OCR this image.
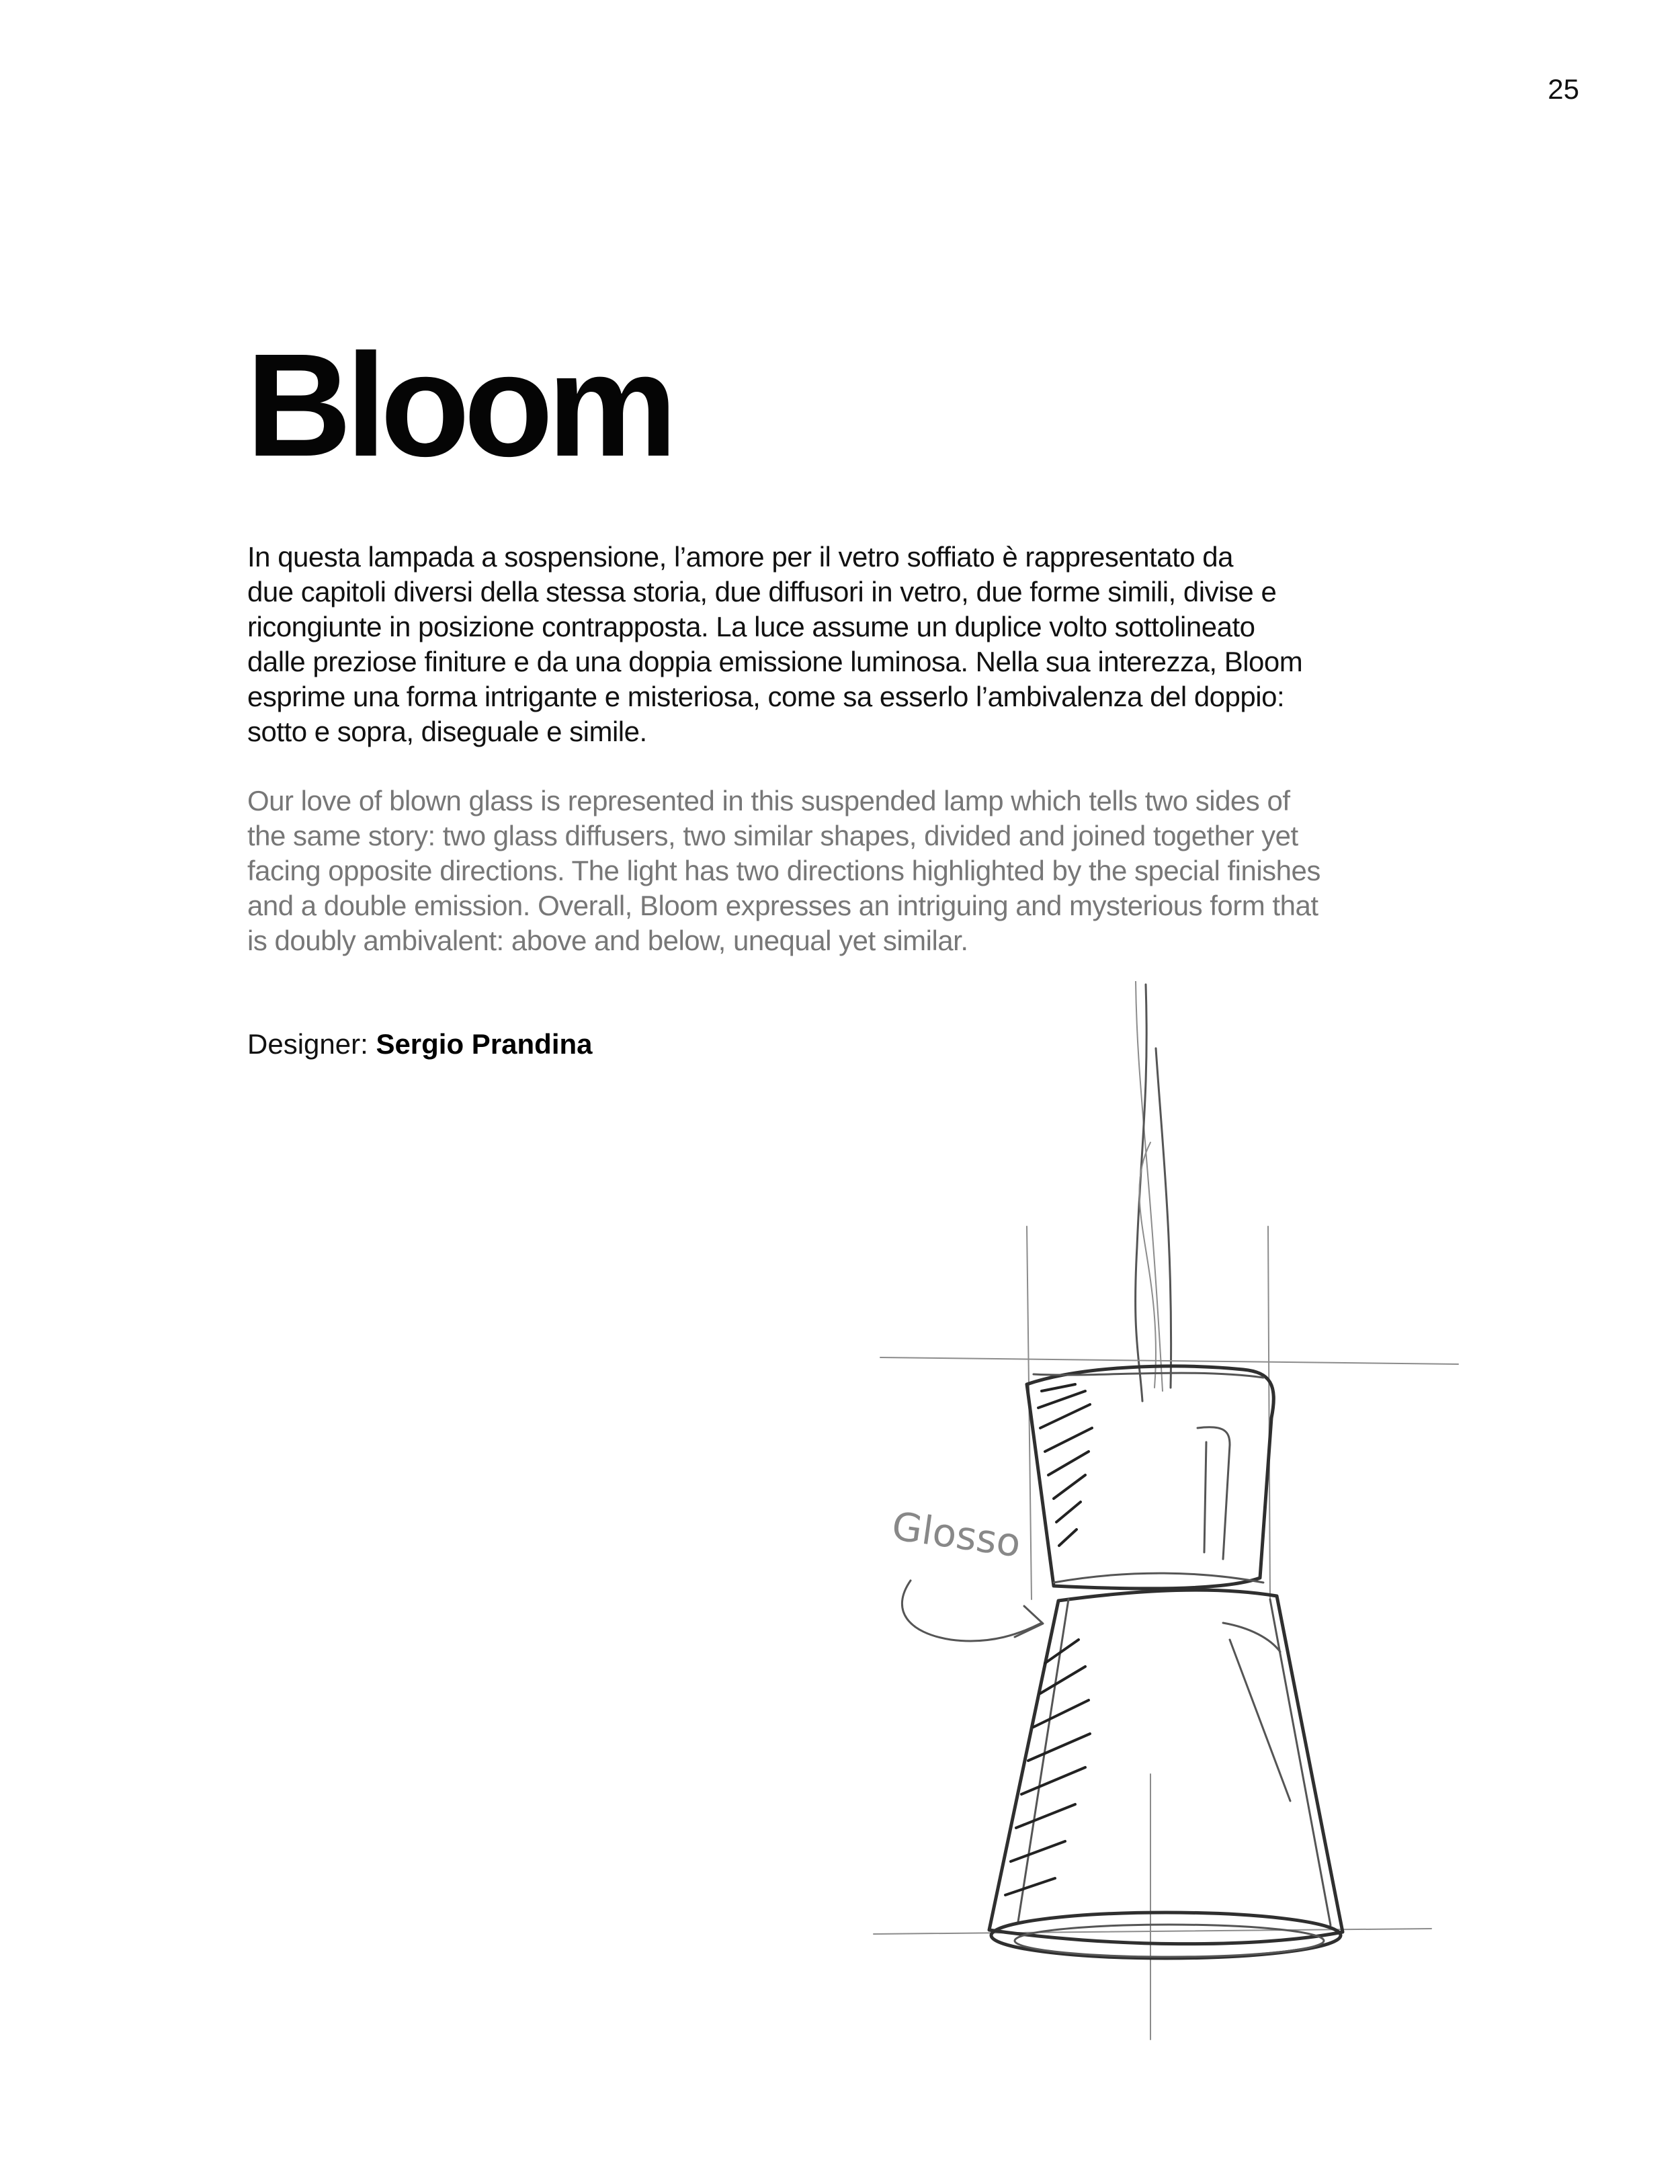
25
Bloom
In questa lampada a sospensione, l’amore per il vetro soffiato è rappresentato da
due capitoli diversi della stessa storia, due diffusori in vetro, due forme simili, divise e
ricongiunte in posizione contrapposta. La luce assume un duplice volto sottolineato
dalle preziose finiture e da una doppia emissione luminosa. Nella sua interezza, Bloom
esprime una forma intrigante e misteriosa, come sa esserlo l’ambivalenza del doppio:
sotto e sopra, diseguale e simile.
Our love of blown glass is represented in this suspended lamp which tells two sides of
the same story: two glass diffusers, two similar shapes, divided and joined together yet
facing opposite directions. The light has two directions highlighted by the special finishes
and a double emission. Overall, Bloom expresses an intriguing and mysterious form that
is doubly ambivalent: above and below, unequal yet similar.
Designer: Sergio Prandina
Glosso
